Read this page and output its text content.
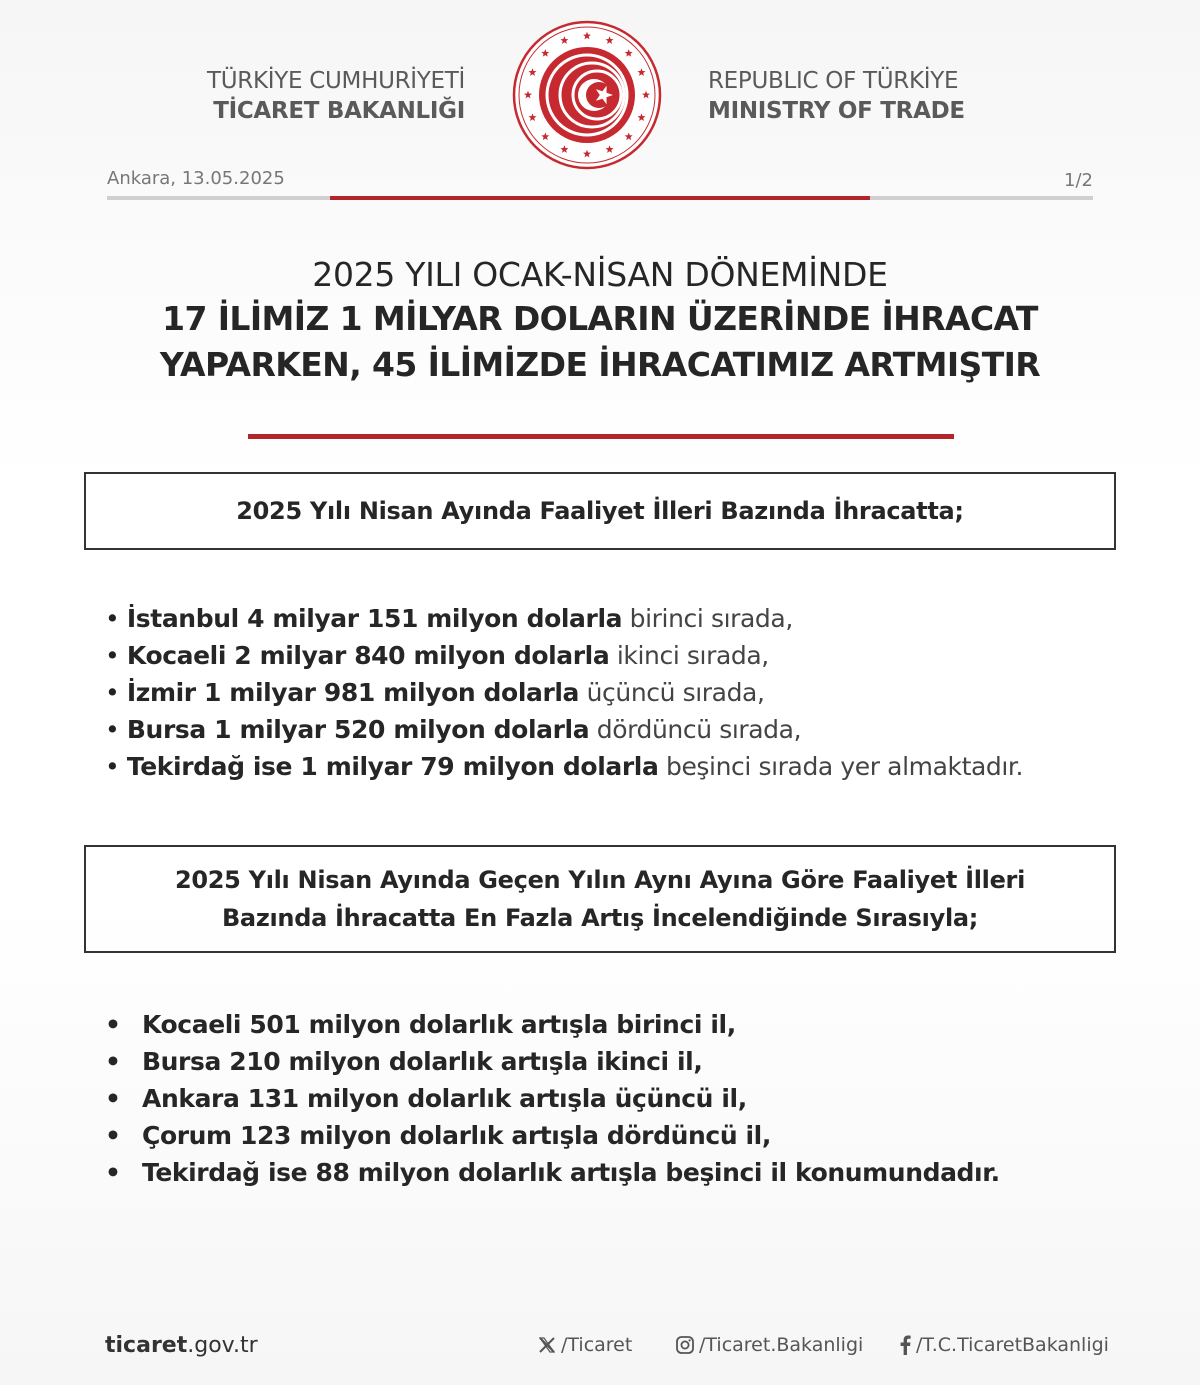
TÜRKİYE CUMHURİYETİ
TİCARET BAKANLIĞI
REPUBLIC OF TÜRKİYE
MINISTRY OF TRADE
Ankara, 13.05.2025	1/2
2025 YILI OCAK-NİSAN DÖNEMİNDE
17 İLİMİZ 1 MİLYAR DOLARIN ÜZERİNDE İHRACAT
YAPARKEN, 45 İLİMİZDE İHRACATIMIZ ARTMIŞTIR
2025 Yılı Nisan Ayında Faaliyet İlleri Bazında İhracatta;
• İstanbul 4 milyar 151 milyon dolarla birinci sırada,
• Kocaeli 2 milyar 840 milyon dolarla ikinci sırada,
• İzmir 1 milyar 981 milyon dolarla üçüncü sırada,
• Bursa 1 milyar 520 milyon dolarla dördüncü sırada,
• Tekirdağ ise 1 milyar 79 milyon dolarla beşinci sırada yer almaktadır.
2025 Yılı Nisan Ayında Geçen Yılın Aynı Ayına Göre Faaliyet İlleri
Bazında İhracatta En Fazla Artış İncelendiğinde Sırasıyla;
• Kocaeli 501 milyon dolarlık artışla birinci il,
• Bursa 210 milyon dolarlık artışla ikinci il,
• Ankara 131 milyon dolarlık artışla üçüncü il,
• Çorum 123 milyon dolarlık artışla dördüncü il,
• Tekirdağ ise 88 milyon dolarlık artışla beşinci il konumundadır.
ticaret.gov.tr	/Ticaret	/Ticaret.Bakanligi	/T.C.TicaretBakanligi
